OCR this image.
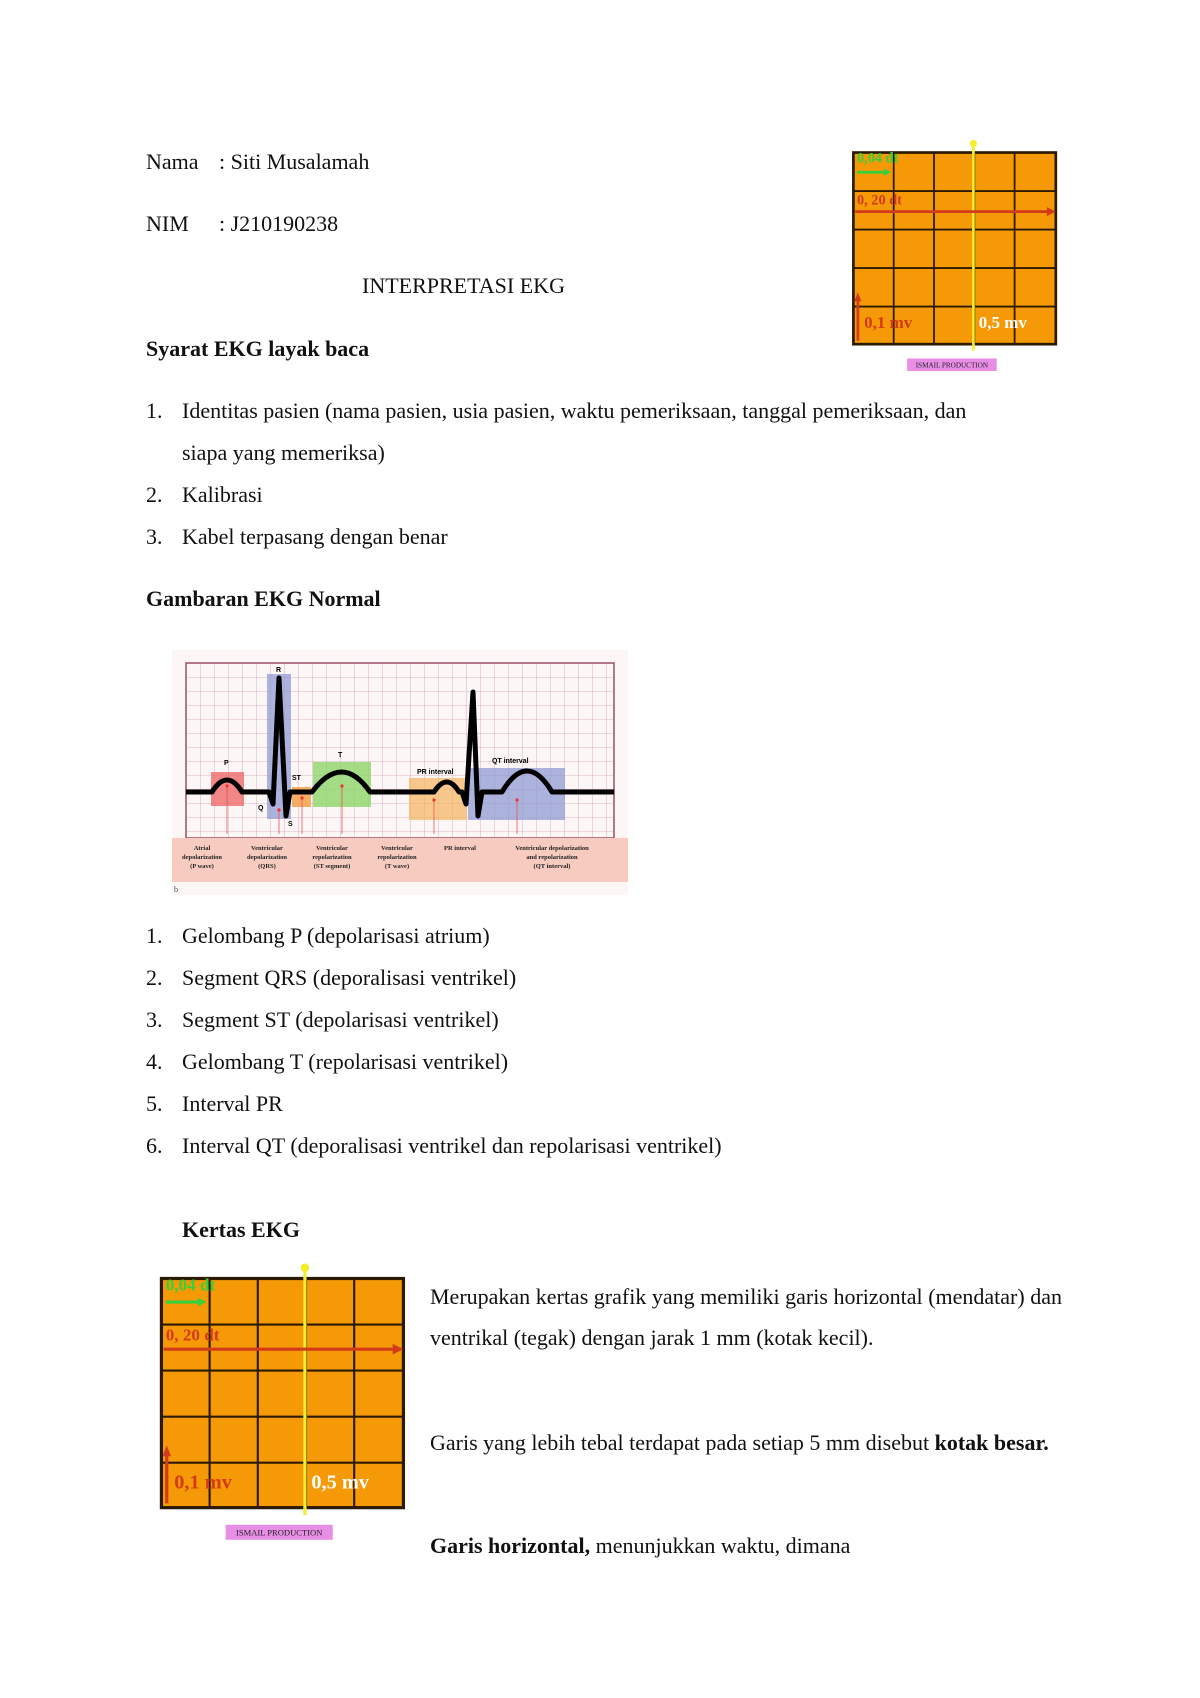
Nama : Siti Musalamah
NIM : J210190238
INTERPRETASI EKG
0,04 dt
0, 20 dt
0,1 mv	0,5 mv
ISMAIL PRODUCTION
Syarat EKG layak baca
1. Identitas pasien (nama pasien, usia pasien, waktu pemeriksaan, tanggal pemeriksaan, dan
siapa yang memeriksa)
2. Kalibrasi
3. Kabel terpasang dengan benar
Gambaran EKG Normal
P
R
Q
S
ST
T
PR interval
QT interval
Atrial depolarization (P wave)
Ventricular depolarization (QRS)
Ventricular repolarization (ST segment)
Ventricular repolarization (T wave)
PR interval	Ventricular depolarization and repolarization (QT interval)
b
1. Gelombang P (depolarisasi atrium)
2. Segment QRS (deporalisasi ventrikel)
3. Segment ST (depolarisasi ventrikel)
4. Gelombang T (repolarisasi ventrikel)
5. Interval PR
6. Interval QT (deporalisasi ventrikel dan repolarisasi ventrikel)
Kertas EKG
0,04 dt
0, 20 dt
0,1 mv	0,5 mv
ISMAIL PRODUCTION
Merupakan kertas grafik yang memiliki garis horizontal (mendatar) dan ventrikal (tegak) dengan jarak 1 mm (kotak kecil).
Garis yang lebih tebal terdapat pada setiap 5 mm disebut kotak besar.
Garis horizontal, menunjukkan waktu, dimana
